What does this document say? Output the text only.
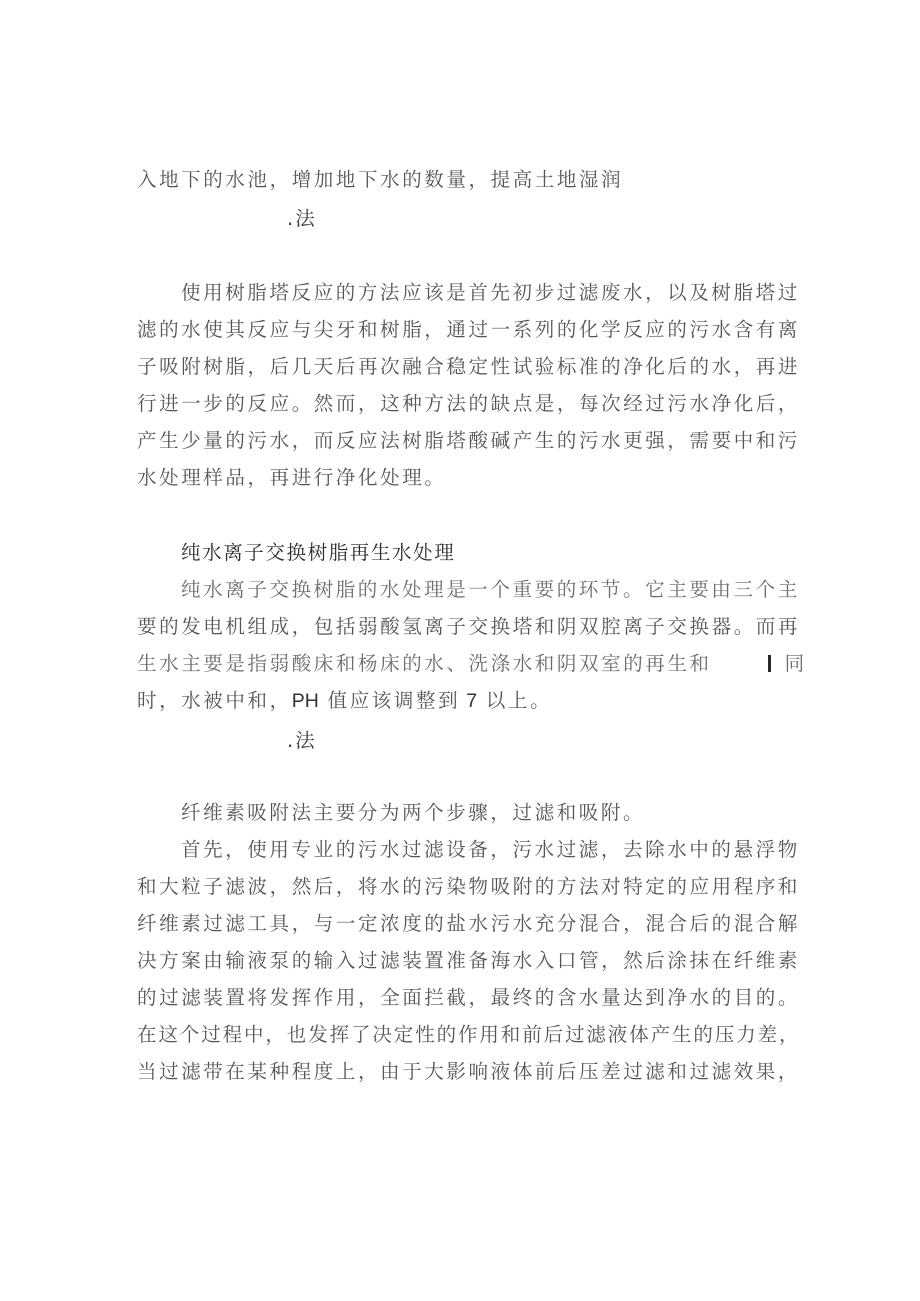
入地下的水池，增加地下水的数量，提高土地湿润
.法
使用树脂塔反应的方法应该是首先初步过滤废水，以及树脂塔过
滤的水使其反应与尖牙和树脂，通过一系列的化学反应的污水含有离
子吸附树脂，后几天后再次融合稳定性试验标准的净化后的水，再进
行进一步的反应。然而，这种方法的缺点是，每次经过污水净化后，
产生少量的污水，而反应法树脂塔酸碱产生的污水更强，需要中和污
水处理样品，再进行净化处理。
纯水离子交换树脂再生水处理
纯水离子交换树脂的水处理是一个重要的环节。它主要由三个主
要的发电机组成，包括弱酸氢离子交换塔和阴双腔离子交换器。而再
生水主要是指弱酸床和杨床的水、洗涤水和阴双室的再生和	同
时，水被中和，PH 值应该调整到 7 以上。
.法
纤维素吸附法主要分为两个步骤，过滤和吸附。
首先，使用专业的污水过滤设备，污水过滤，去除水中的悬浮物
和大粒子滤波，然后，将水的污染物吸附的方法对特定的应用程序和
纤维素过滤工具，与一定浓度的盐水污水充分混合，混合后的混合解
决方案由输液泵的输入过滤装置准备海水入口管，然后涂抹在纤维素
的过滤装置将发挥作用，全面拦截，最终的含水量达到净水的目的。
在这个过程中，也发挥了决定性的作用和前后过滤液体产生的压力差，
当过滤带在某种程度上，由于大影响液体前后压差过滤和过滤效果，
